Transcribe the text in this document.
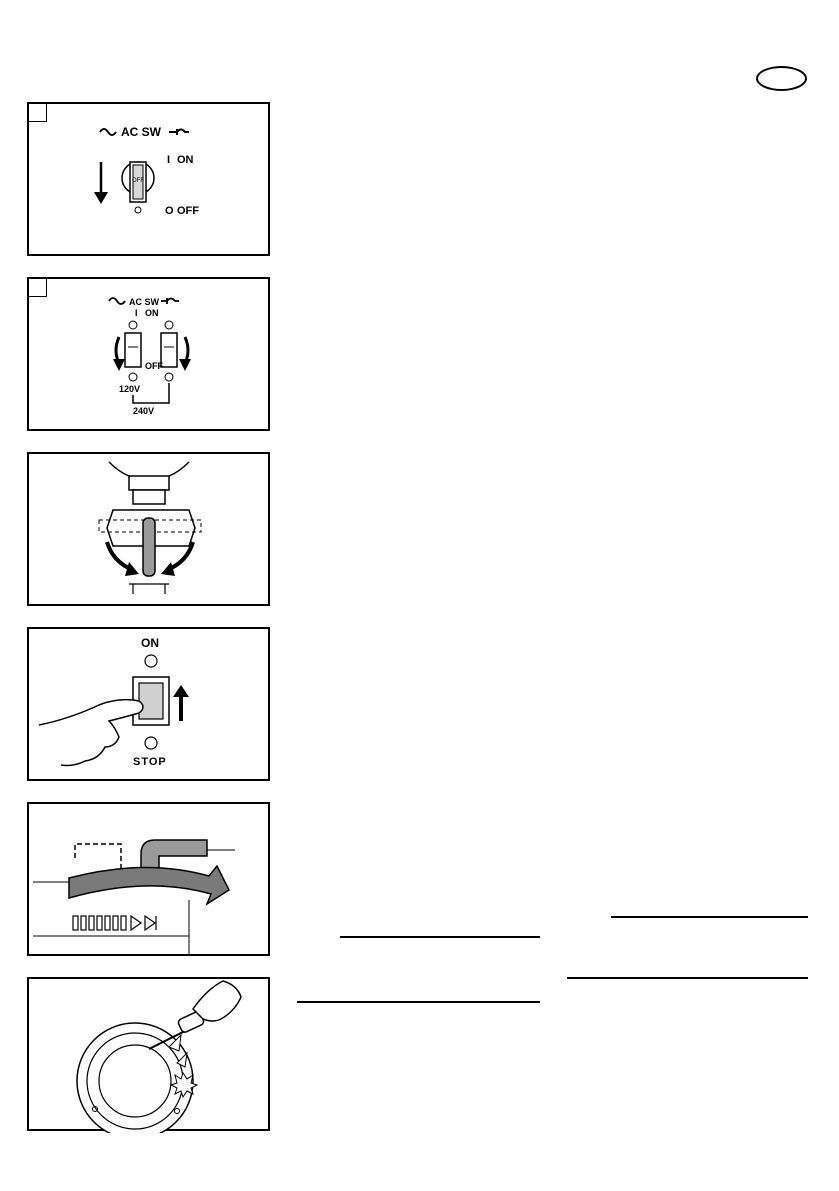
AC SW
I ON
OFF
O OFF
AC SW
I ON
OFF
120V
240V
ON
STOP
